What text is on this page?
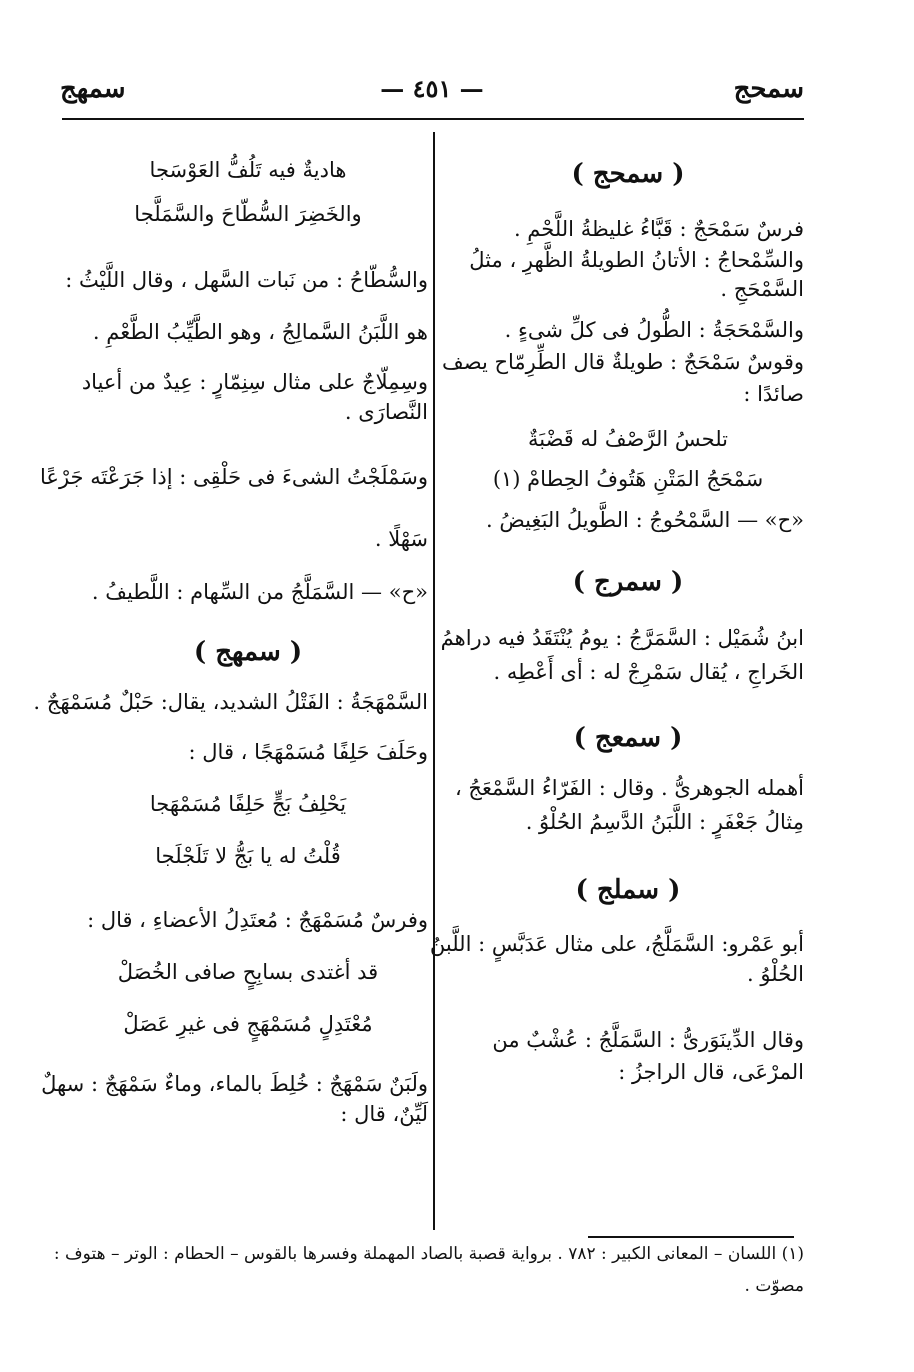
سمحج
— ٤٥١ —
سمهج
( سمحج )
فرسٌ سَمْحَجٌ : قَبَّاءُ غليظةُ اللَّحْمِ .
والسِّمْحاجُ : الأتانُ الطويلةُ الظَّهرِ ، مثلُ
السَّمْحَجِ .
والسَّمْحَجَةُ : الطُّولُ فى كلِّ شىءٍ .
وقوسٌ سَمْحَجٌ : طويلةٌ قال الطِّرِمّاح يصف
صائدًا :
تلحسُ الرَّصْفُ له قَضْبَةٌ
سَمْحَجُ المَتْنِ هَتُوفُ الحِطامْ (١)
«ح» — السَّمْحُوجُ : الطَّويلُ البَغِيضُ .
( سمرج )
ابنُ شُمَيْل : السَّمَرَّجُ : يومُ يُنْتَقَدُ فيه دراهمُ
الخَراجِ ، يُقال سَمْرِجْ له : أى أَعْطِه .
( سمعج )
أهمله الجوهرىُّ . وقال : الفَرّاءُ السَّمْعَجُ ،
مِثالُ جَعْفَرٍ : اللَّبَنُ الدَّسِمُ الحُلْوُ .
( سملج )
أبو عَمْرو: السَّمَلَّجُ، على مثال عَدَبَّسٍ : اللَّبنُ
الحُلْوُ .
وقال الدِّينَوَرىُّ : السَّمَلَّجُ : عُشْبٌ من
المرْعَى، قال الراجزُ :
هاديةٌ فيه تَلُفُّ العَوْسَجا
والخَضِرَ السُّطّاحَ والسَّمَلَّجا
والسُّطّاحُ : من نَبات السَّهل ، وقال اللَّيْثُ :
هو اللَّبَنُ السَّمالِجُ ، وهو الطَّيِّبُ الطَّعْمِ .
وسِمِلّاجٌ على مثال سِنِمّارٍ : عِيدٌ من أعياد
النَّصارَى .
وسَمْلَجْتُ الشىءَ فى حَلْقِى : إذا جَرَعْتَه جَرْعًا
سَهْلًا .
«ح» — السَّمَلَّجُ من السِّهام : اللَّطيفُ .
( سمهج )
السَّمْهَجَةُ : الفَتْلُ الشديد، يقال: حَبْلٌ مُسَمْهَجٌ .
وحَلَفَ حَلِفًا مُسَمْهَجًا ، قال :
يَحْلِفُ بَجٍّ حَلِفًا مُسَمْهَجا
قُلْتُ له يا بَجُّ لا تَلَجْلَجا
وفرسٌ مُسَمْهَجٌ : مُعتَدِلُ الأعضاءِ ، قال :
قد أغتدى بسابِحٍ صافى الخُصَلْ
مُعْتَدِلٍ مُسَمْهَجٍ فى غيرِ عَصَلْ
ولَبَنٌ سَمْهَجٌ : خُلِطَ بالماء، وماءٌ سَمْهَجٌ : سهلٌ
لَيِّنٌ، قال :
(١) اللسان – المعانى الكبير : ٧٨٢ . برواية قصبة بالصاد المهملة وفسرها بالقوس – الحطام : الوتر – هتوف :
مصوّت .
